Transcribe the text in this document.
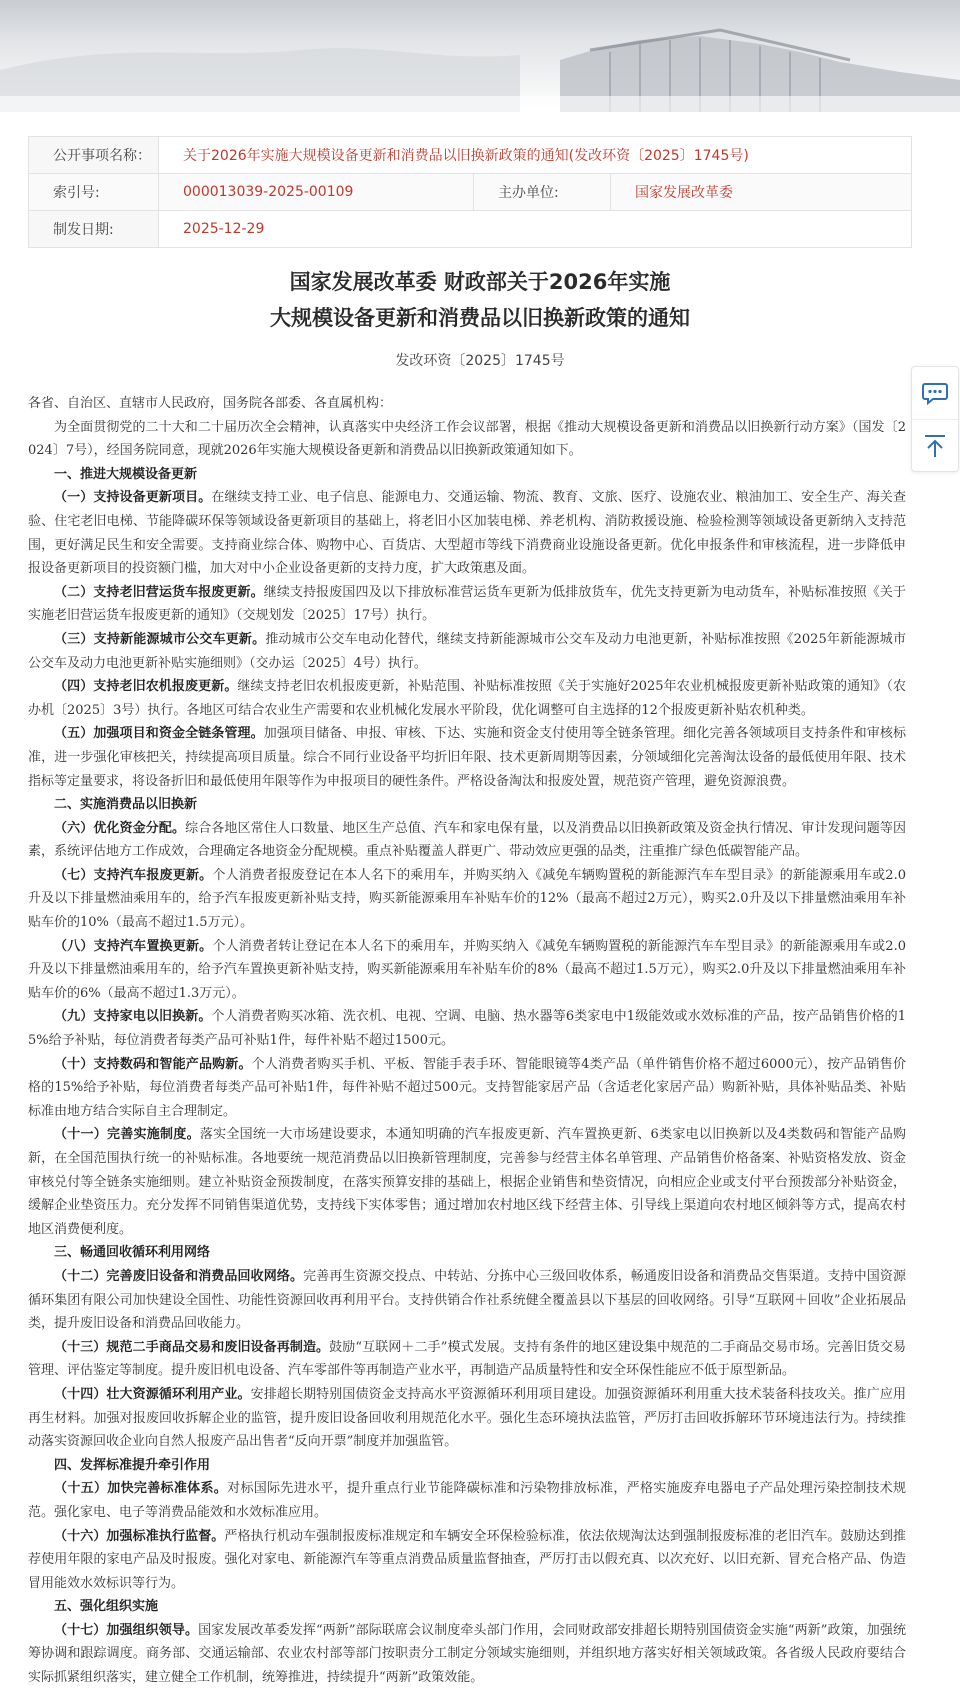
公开事项名称：	关于2026年实施大规模设备更新和消费品以旧换新政策的通知(发改环资〔2025〕1745号)		
索引号:	000013039-2025-00109	主办单位:	国家发展改革委
制发日期:	2025-12-29		
国家发展改革委 财政部关于2026年实施
大规模设备更新和消费品以旧换新政策的通知
发改环资〔2025〕1745号

各省、自治区、直辖市人民政府，国务院各部委、各直属机构：

为全面贯彻党的二十大和二十届历次全会精神，认真落实中央经济工作会议部署，根据《推动大规模设备更新和消费品以旧换新行动方案》（国发〔2024〕7号），经国务院同意，现就2026年实施大规模设备更新和消费品以旧换新政策通知如下。

一、推进大规模设备更新

（一）支持设备更新项目。在继续支持工业、电子信息、能源电力、交通运输、物流、教育、文旅、医疗、设施农业、粮油加工、安全生产、海关查验、住宅老旧电梯、节能降碳环保等领域设备更新项目的基础上，将老旧小区加装电梯、养老机构、消防救援设施、检验检测等领域设备更新纳入支持范围，更好满足民生和安全需要。支持商业综合体、购物中心、百货店、大型超市等线下消费商业设施设备更新。优化申报条件和审核流程，进一步降低申报设备更新项目的投资额门槛，加大对中小企业设备更新的支持力度，扩大政策惠及面。

（二）支持老旧营运货车报废更新。继续支持报废国四及以下排放标准营运货车更新为低排放货车，优先支持更新为电动货车，补贴标准按照《关于实施老旧营运货车报废更新的通知》（交规划发〔2025〕17号）执行。

（三）支持新能源城市公交车更新。推动城市公交车电动化替代，继续支持新能源城市公交车及动力电池更新，补贴标准按照《2025年新能源城市公交车及动力电池更新补贴实施细则》（交办运〔2025〕4号）执行。

（四）支持老旧农机报废更新。继续支持老旧农机报废更新，补贴范围、补贴标准按照《关于实施好2025年农业机械报废更新补贴政策的通知》（农办机〔2025〕3号）执行。各地区可结合农业生产需要和农业机械化发展水平阶段，优化调整可自主选择的12个报废更新补贴农机种类。

（五）加强项目和资金全链条管理。加强项目储备、申报、审核、下达、实施和资金支付使用等全链条管理。细化完善各领域项目支持条件和审核标准，进一步强化审核把关，持续提高项目质量。综合不同行业设备平均折旧年限、技术更新周期等因素，分领域细化完善淘汰设备的最低使用年限、技术指标等定量要求，将设备折旧和最低使用年限等作为申报项目的硬性条件。严格设备淘汰和报废处置，规范资产管理，避免资源浪费。

二、实施消费品以旧换新

（六）优化资金分配。综合各地区常住人口数量、地区生产总值、汽车和家电保有量，以及消费品以旧换新政策及资金执行情况、审计发现问题等因素，系统评估地方工作成效，合理确定各地资金分配规模。重点补贴覆盖人群更广、带动效应更强的品类，注重推广绿色低碳智能产品。

（七）支持汽车报废更新。个人消费者报废登记在本人名下的乘用车，并购买纳入《减免车辆购置税的新能源汽车车型目录》的新能源乘用车或2.0升及以下排量燃油乘用车的，给予汽车报废更新补贴支持，购买新能源乘用车补贴车价的12%（最高不超过2万元），购买2.0升及以下排量燃油乘用车补贴车价的10%（最高不超过1.5万元）。

（八）支持汽车置换更新。个人消费者转让登记在本人名下的乘用车，并购买纳入《减免车辆购置税的新能源汽车车型目录》的新能源乘用车或2.0升及以下排量燃油乘用车的，给予汽车置换更新补贴支持，购买新能源乘用车补贴车价的8%（最高不超过1.5万元），购买2.0升及以下排量燃油乘用车补贴车价的6%（最高不超过1.3万元）。

（九）支持家电以旧换新。个人消费者购买冰箱、洗衣机、电视、空调、电脑、热水器等6类家电中1级能效或水效标准的产品，按产品销售价格的15%给予补贴，每位消费者每类产品可补贴1件，每件补贴不超过1500元。

（十）支持数码和智能产品购新。个人消费者购买手机、平板、智能手表手环、智能眼镜等4类产品（单件销售价格不超过6000元），按产品销售价格的15%给予补贴，每位消费者每类产品可补贴1件，每件补贴不超过500元。支持智能家居产品（含适老化家居产品）购新补贴，具体补贴品类、补贴标准由地方结合实际自主合理制定。

（十一）完善实施制度。落实全国统一大市场建设要求，本通知明确的汽车报废更新、汽车置换更新、6类家电以旧换新以及4类数码和智能产品购新，在全国范围执行统一的补贴标准。各地要统一规范消费品以旧换新管理制度，完善参与经营主体名单管理、产品销售价格备案、补贴资格发放、资金审核兑付等全链条实施细则。建立补贴资金预拨制度，在落实预算安排的基础上，根据企业销售和垫资情况，向相应企业或支付平台预拨部分补贴资金，缓解企业垫资压力。充分发挥不同销售渠道优势，支持线下实体零售；通过增加农村地区线下经营主体、引导线上渠道向农村地区倾斜等方式，提高农村地区消费便利度。

三、畅通回收循环利用网络

（十二）完善废旧设备和消费品回收网络。完善再生资源交投点、中转站、分拣中心三级回收体系，畅通废旧设备和消费品交售渠道。支持中国资源循环集团有限公司加快建设全国性、功能性资源回收再利用平台。支持供销合作社系统健全覆盖县以下基层的回收网络。引导“互联网＋回收”企业拓展品类，提升废旧设备和消费品回收能力。

（十三）规范二手商品交易和废旧设备再制造。鼓励“互联网＋二手”模式发展。支持有条件的地区建设集中规范的二手商品交易市场。完善旧货交易管理、评估鉴定等制度。提升废旧机电设备、汽车零部件等再制造产业水平，再制造产品质量特性和安全环保性能应不低于原型新品。

（十四）壮大资源循环利用产业。安排超长期特别国债资金支持高水平资源循环利用项目建设。加强资源循环利用重大技术装备科技攻关。推广应用再生材料。加强对报废回收拆解企业的监管，提升废旧设备回收利用规范化水平。强化生态环境执法监管，严厉打击回收拆解环节环境违法行为。持续推动落实资源回收企业向自然人报废产品出售者“反向开票”制度并加强监管。

四、发挥标准提升牵引作用

（十五）加快完善标准体系。对标国际先进水平，提升重点行业节能降碳标准和污染物排放标准，严格实施废弃电器电子产品处理污染控制技术规范。强化家电、电子等消费品能效和水效标准应用。

（十六）加强标准执行监督。严格执行机动车强制报废标准规定和车辆安全环保检验标准，依法依规淘汰达到强制报废标准的老旧汽车。鼓励达到推荐使用年限的家电产品及时报废。强化对家电、新能源汽车等重点消费品质量监督抽查，严厉打击以假充真、以次充好、以旧充新、冒充合格产品、伪造冒用能效水效标识等行为。

五、强化组织实施

（十七）加强组织领导。国家发展改革委发挥“两新”部际联席会议制度牵头部门作用，会同财政部安排超长期特别国债资金实施“两新”政策，加强统筹协调和跟踪调度。商务部、交通运输部、农业农村部等部门按职责分工制定分领域实施细则，并组织地方落实好相关领域政策。各省级人民政府要结合实际抓紧组织落实，建立健全工作机制，统筹推进，持续提升“两新”政策效能。
